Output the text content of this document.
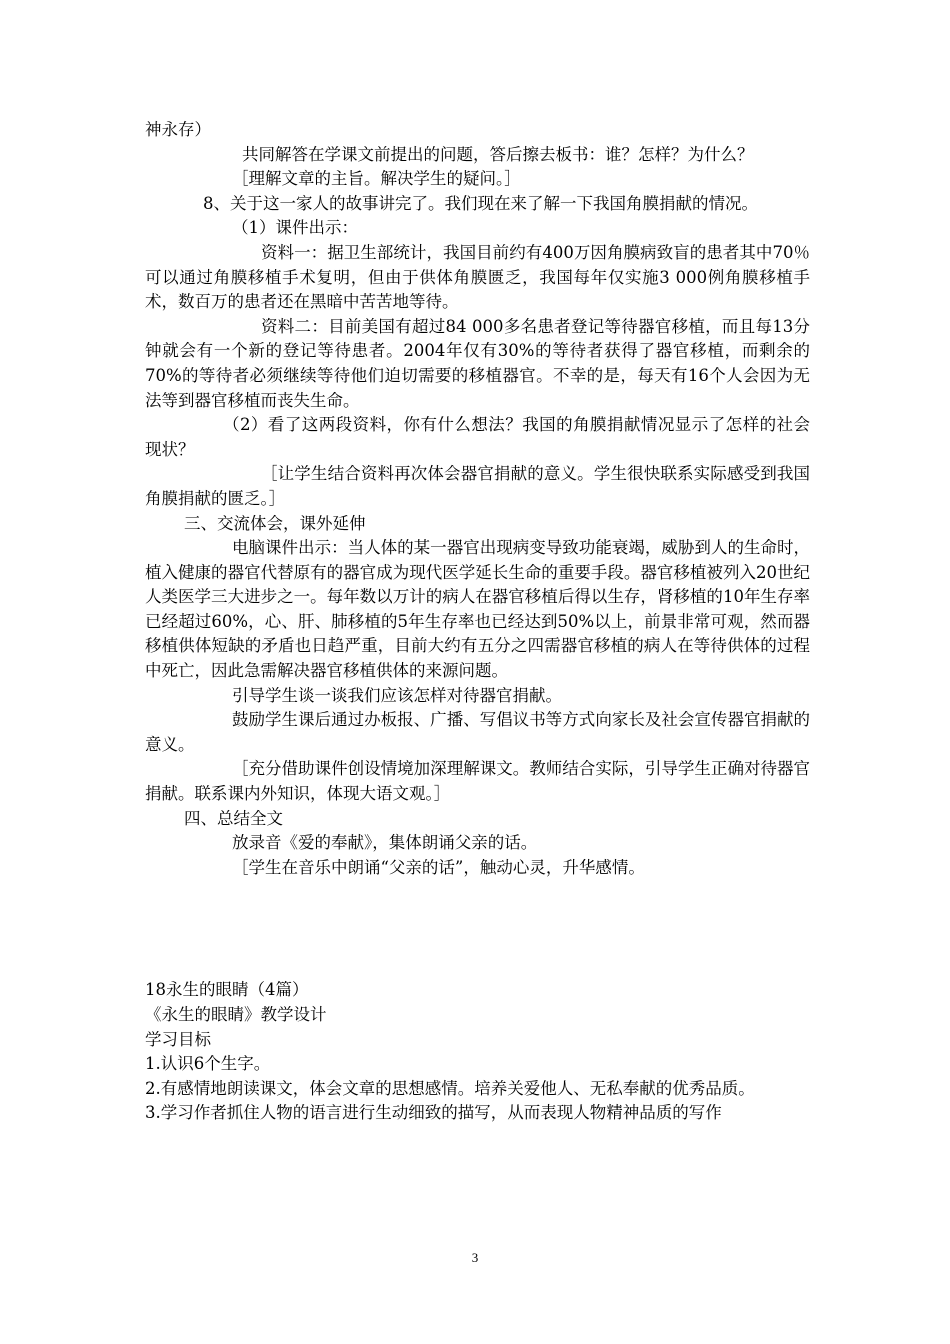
神永存）

共同解答在学课文前提出的问题，答后擦去板书：谁？怎样？为什么？

［理解文章的主旨。解决学生的疑问。］

8、关于这一家人的故事讲完了。我们现在来了解一下我国角膜捐献的情况。

（1）课件出示：

资料一：据卫生部统计，我国目前约有400万因角膜病致盲的患者其中70％可以通过角膜移植手术复明，但由于供体角膜匮乏，我国每年仅实施3 000例角膜移植手术，数百万的患者还在黑暗中苦苦地等待。

资料二：目前美国有超过84 000多名患者登记等待器官移植，而且每13分钟就会有一个新的登记等待患者。2004年仅有30%的等待者获得了器官移植，而剩余的70%的等待者必须继续等待他们迫切需要的移植器官。不幸的是，每天有16个人会因为无法等到器官移植而丧失生命。

（2）看了这两段资料，你有什么想法？我国的角膜捐献情况显示了怎样的社会现状？

［让学生结合资料再次体会器官捐献的意义。学生很快联系实际感受到我国角膜捐献的匮乏。］

三、交流体会，课外延伸

电脑课件出示：当人体的某一器官出现病变导致功能衰竭，威胁到人的生命时，植入健康的器官代替原有的器官成为现代医学延长生命的重要手段。器官移植被列入20世纪人类医学三大进步之一。每年数以万计的病人在器官移植后得以生存，肾移植的10年生存率已经超过60%，心、肝、肺移植的5年生存率也已经达到50%以上，前景非常可观，然而器移植供体短缺的矛盾也日趋严重，目前大约有五分之四需器官移植的病人在等待供体的过程中死亡，因此急需解决器官移植供体的来源问题。

引导学生谈一谈我们应该怎样对待器官捐献。

鼓励学生课后通过办板报、广播、写倡议书等方式向家长及社会宣传器官捐献的意义。

［充分借助课件创设情境加深理解课文。教师结合实际，引导学生正确对待器官捐献。联系课内外知识，体现大语文观。］

四、总结全文

放录音《爱的奉献》，集体朗诵父亲的话。

［学生在音乐中朗诵“父亲的话”，触动心灵，升华感情。

18永生的眼睛（4篇）

《永生的眼睛》教学设计

学习目标

1.认识6个生字。

2.有感情地朗读课文，体会文章的思想感情。培养关爱他人、无私奉献的优秀品质。

3.学习作者抓住人物的语言进行生动细致的描写，从而表现人物精神品质的写作

3
